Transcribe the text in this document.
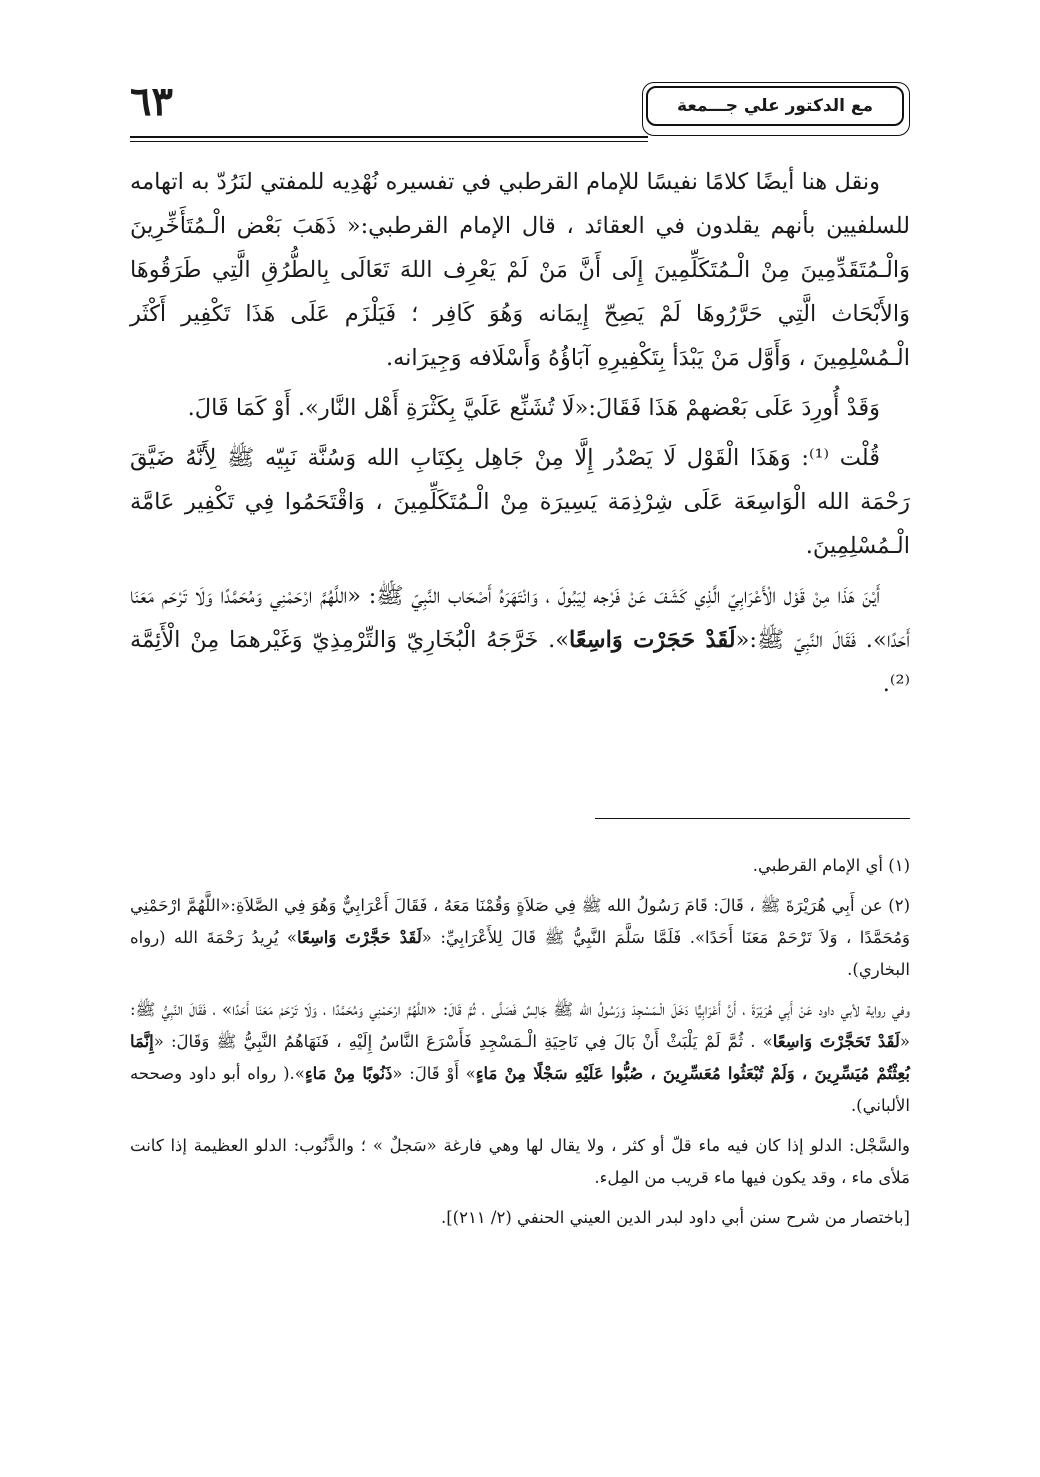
٦٣	مع الدكتور علي جـــمعة

ونقل هنا أيضًا كلامًا نفيسًا للإمام القرطبي في تفسيره نُهْدِيه للمفتي لنَرُدّ به اتهامه للسلفيين بأنهم يقلدون في العقائد ، قال الإمام القرطبي:« ذَهَبَ بَعْض الْـمُتَأَخِّرِينَ وَالْـمُتَقَدِّمِينَ مِنْ الْـمُتَكَلِّمِينَ إِلَى أَنَّ مَنْ لَمْ يَعْرِف اللهَ تَعَالَى بِالطُّرُقِ الَّتِي طَرَقُوهَا وَالأَبْحَاث الَّتِي حَرَّرُوهَا لَمْ يَصِحّ إِيمَانه وَهُوَ كَافِر ؛ فَيَلْزَم عَلَى هَذَا تَكْفِير أَكْثَر الْـمُسْلِمِينَ ، وَأَوَّل مَنْ يَبْدَأ بِتَكْفِيرِهِ آبَاؤُهُ وَأَسْلَافه وَجِيرَانه.

وَقَدْ أُورِدَ عَلَى بَعْضهمْ هَذَا فَقَالَ:«لَا تُشَنِّع عَلَيَّ بِكَثْرَةِ أَهْل النَّار». أَوْ كَمَا قَالَ.

قُلْت ⁽¹⁾: وَهَذَا الْقَوْل لَا يَصْدُر إِلَّا مِنْ جَاهِل بِكِتَابِ الله وَسُنَّة نَبِيّه ﷺ لِأَنَّهُ ضَيَّقَ رَحْمَة الله الْوَاسِعَة عَلَى شِرْذِمَة يَسِيرَة مِنْ الْـمُتَكَلِّمِينَ ، وَاقْتَحَمُوا فِي تَكْفِير عَامَّة الْـمُسْلِمِينَ.

أَيْنَ هَذَا مِنْ قَوْل الْأَعْرَابِيّ الَّذِي كَشَفَ عَنْ فَرْجه لِيَبُولَ ، وَانْتَهَرَهُ أَصْحَاب النَّبِيّ ﷺ: «اللَّهُمَّ ارْحَمْنِي وَمُحَمَّدًا وَلَا تَرْحَم مَعَنَا أَحَدًا». فَقَالَ النَّبِيّ ﷺ:«لَقَدْ حَجَرْت وَاسِعًا». خَرَّجَهُ الْبُخَارِيّ وَالتِّرْمِذِيّ وَغَيْرهمَا مِنْ الْأَئِمَّة ⁽²⁾.

(١) أي الإمام القرطبي.

(٢) عن أَبِي هُرَيْرَةَ ﷺ ، قَالَ: قَامَ رَسُولُ الله ﷺ فِي صَلاَةٍ وَقُمْنَا مَعَهُ ، فَقَالَ أَعْرَابِيٌّ وَهُوَ فِي الصَّلاَةِ:«اللَّهُمَّ ارْحَمْنِي وَمُحَمَّدًا ، وَلاَ تَرْحَمْ مَعَنَا أَحَدًا». فَلَمَّا سَلَّمَ النَّبِيُّ ﷺ قَالَ لِلأَعْرَابِيِّ: «لَقَدْ حَجَّرْتَ وَاسِعًا» يُرِيدُ رَحْمَةَ الله (رواه البخاري).

وفي رواية لأبي داود عَنْ أَبِي هُرَيْرَةَ ، أَنَّ أَعْرَابِيًّا دَخَلَ الْـمَسْجِدَ وَرَسُولُ الله ﷺ جَالِسٌ فَصَلَّى ، ثُمَّ قَالَ: «اللَّهُمَّ ارْحَمْنِي وَمُحَمَّدًا ، وَلَا تَرْحَمْ مَعَنَا أَحَدًا» ، فَقَالَ النَّبِيُّ ﷺ: «لَقَدْ تَحَجَّرْتَ وَاسِعًا» . ثُمَّ لَمْ يَلْبَثْ أَنْ بَالَ فِي نَاحِيَةِ الْـمَسْجِدِ فَأَسْرَعَ النَّاسُ إِلَيْهِ ، فَنَهَاهُمُ النَّبِيُّ ﷺ وَقَالَ: «إِنَّمَا بُعِثْتُمْ مُيَسِّرِينَ ، وَلَمْ تُبْعَثُوا مُعَسِّرِينَ ، صُبُّوا عَلَيْهِ سَجْلًا مِنْ مَاءٍ» أَوْ قَالَ: «ذَنُوبًا مِنْ مَاءٍ».( رواه أبو داود وصححه الألباني).

والسَّجْل: الدلو إذا كان فيه ماء قلّ أو كثر ، ولا يقال لها وهي فارغة «سَجلٌ » ؛ والذَّنُوب: الدلو العظيمة إذا كانت مَلأى ماء ، وقد يكون فيها ماء قريب من المِلء.

[باختصار من شرح سنن أبي داود لبدر الدين العيني الحنفي (٢/ ٢١١)].
